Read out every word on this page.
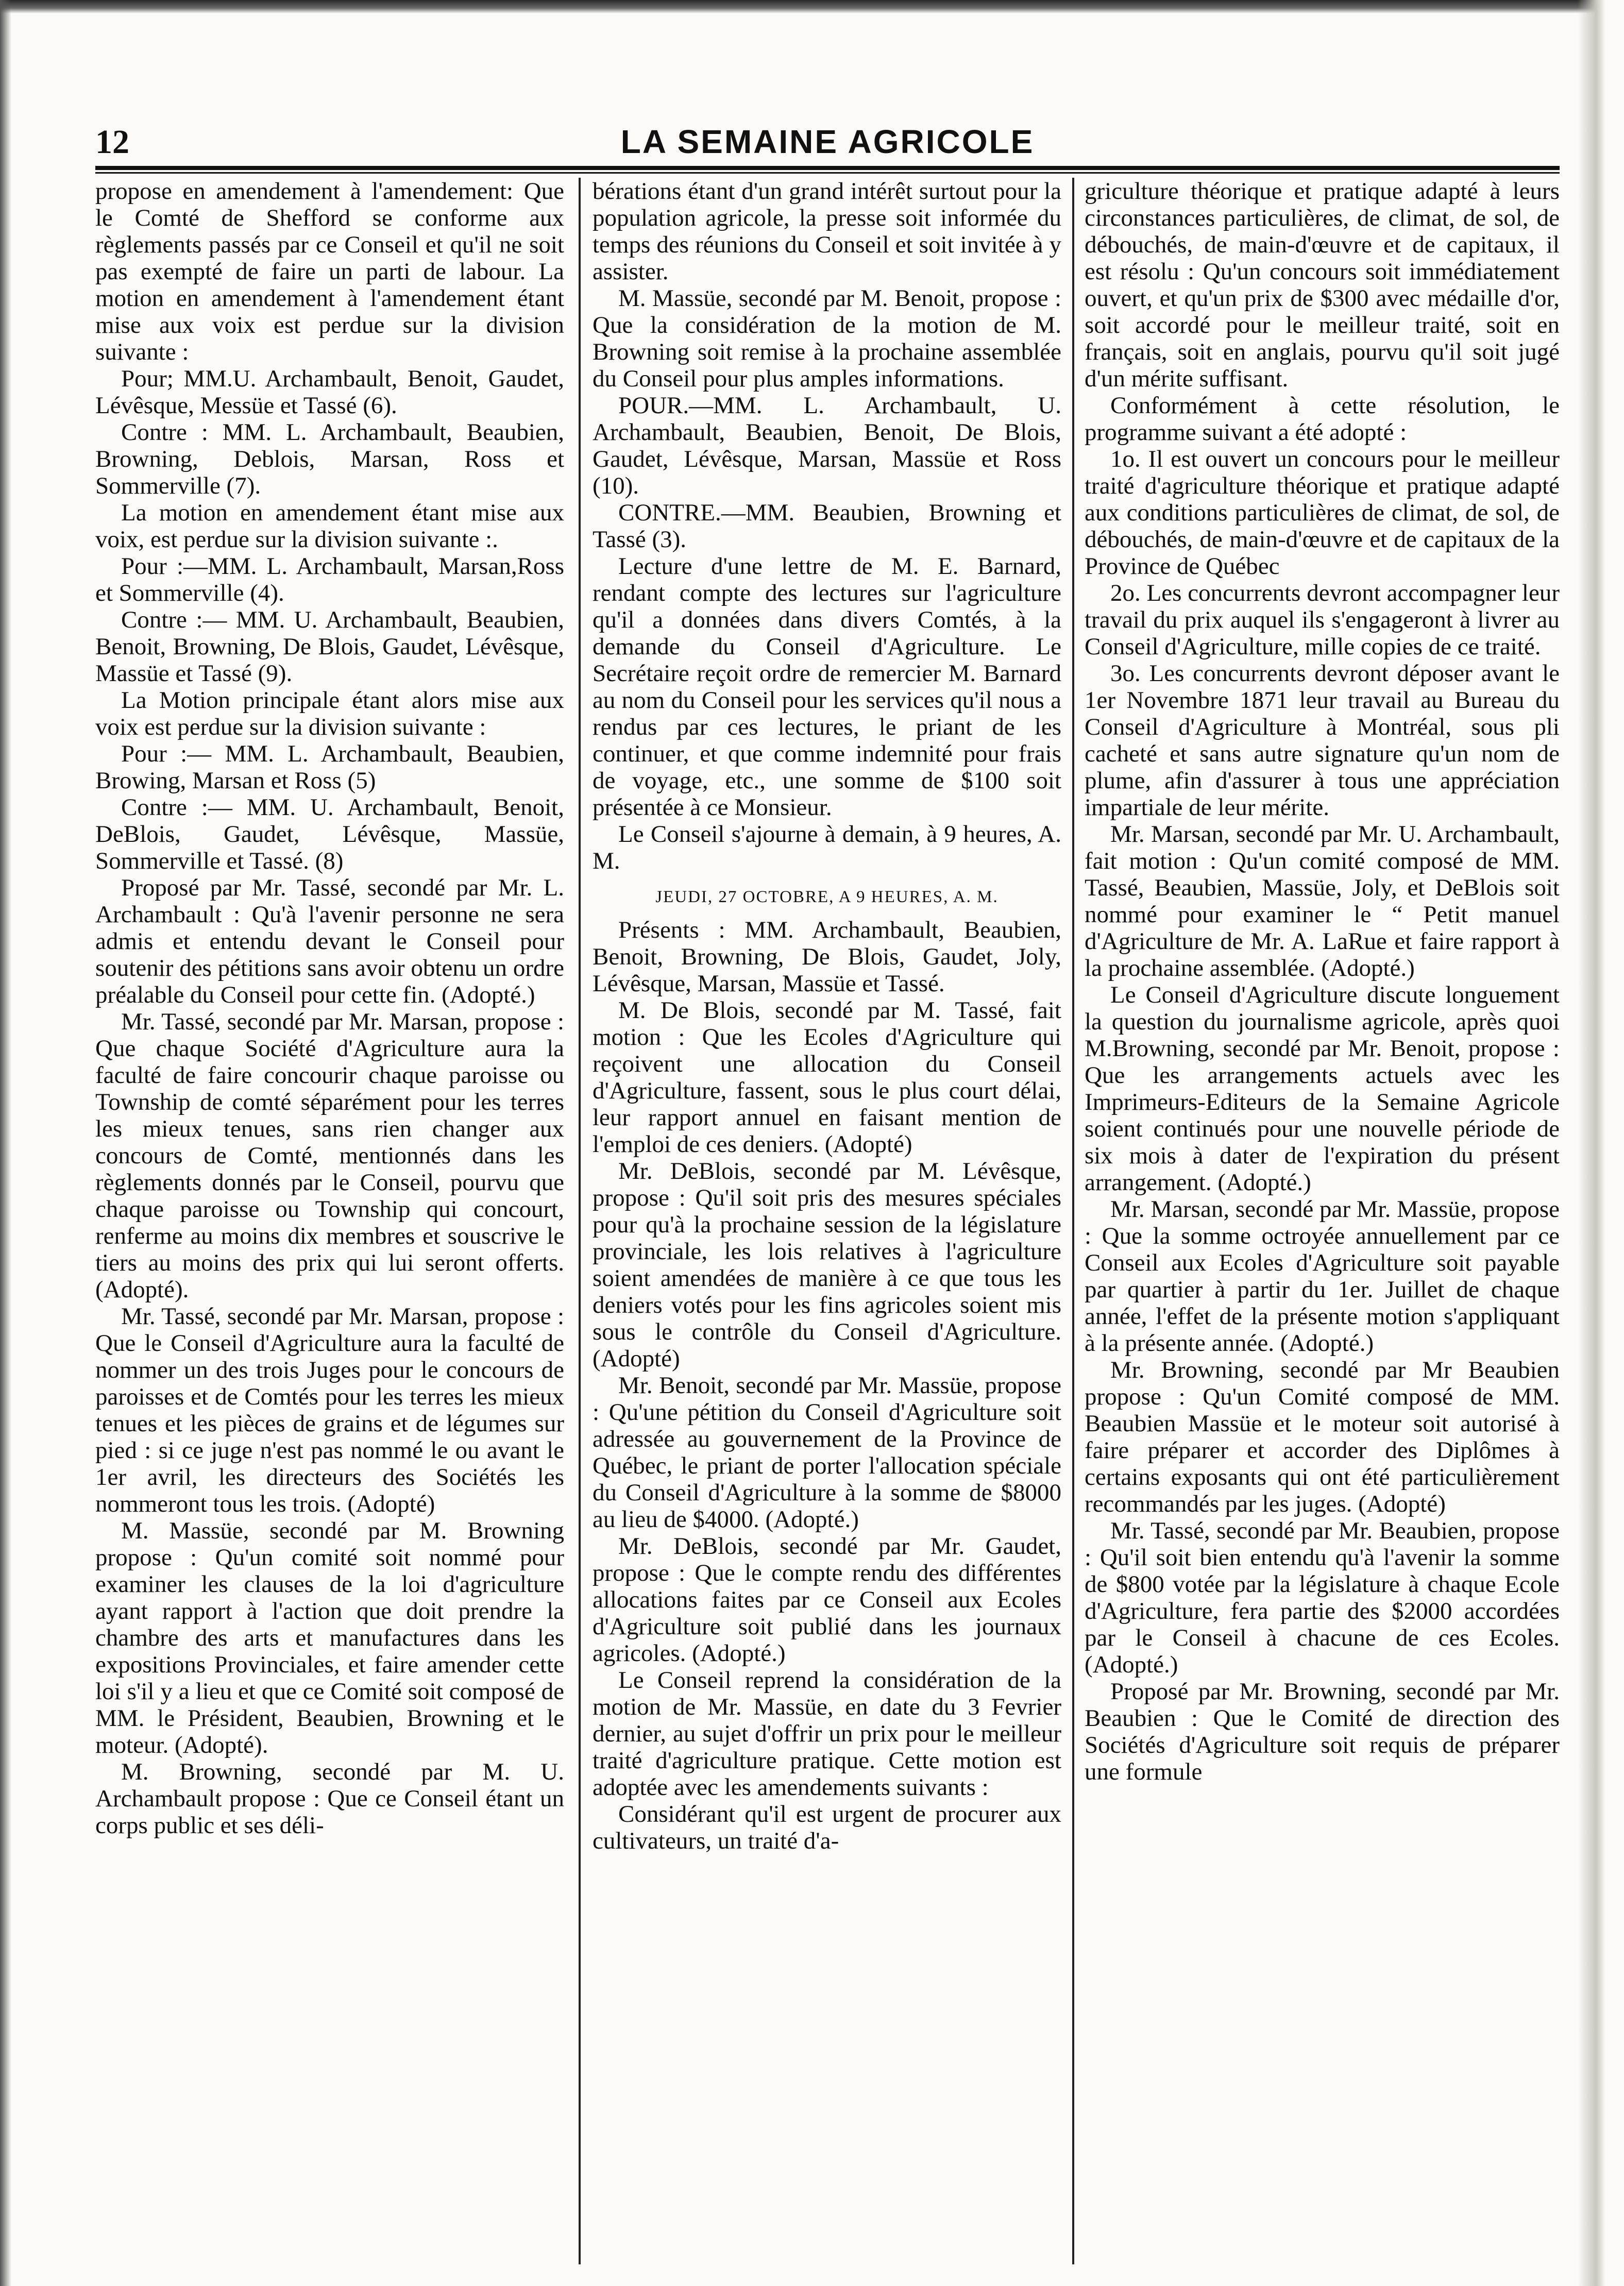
12	LA SEMAINE AGRICOLE

propose en amendement à l'amendement: Que le Comté de Shefford se conforme aux règlements passés par ce Conseil et qu'il ne soit pas exempté de faire un parti de labour. La motion en amendement à l'amendement étant mise aux voix est perdue sur la division suivante :

Pour; MM.U. Archambault, Benoit, Gaudet, Lévêsque, Messüe et Tassé (6).

Contre : MM. L. Archambault, Beaubien, Browning, Deblois, Marsan, Ross et Sommerville (7).

La motion en amendement étant mise aux voix, est perdue sur la division suivante :.

Pour :—MM. L. Archambault, Marsan,Ross et Sommerville (4).

Contre :— MM. U. Archambault, Beaubien, Benoit, Browning, De Blois, Gaudet, Lévêsque, Massüe et Tassé (9).

La Motion principale étant alors mise aux voix est perdue sur la division suivante :

Pour :— MM. L. Archambault, Beaubien, Browing, Marsan et Ross (5)

Contre :— MM. U. Archambault, Benoit, DeBlois, Gaudet, Lévêsque, Massüe, Sommerville et Tassé. (8)

Proposé par Mr. Tassé, secondé par Mr. L. Archambault : Qu'à l'avenir personne ne sera admis et entendu devant le Conseil pour soutenir des pétitions sans avoir obtenu un ordre préalable du Conseil pour cette fin. (Adopté.)

Mr. Tassé, secondé par Mr. Marsan, propose : Que chaque Société d'Agriculture aura la faculté de faire concourir chaque paroisse ou Township de comté séparément pour les terres les mieux tenues, sans rien changer aux concours de Comté, mentionnés dans les règlements donnés par le Conseil, pourvu que chaque paroisse ou Township qui concourt, renferme au moins dix membres et souscrive le tiers au moins des prix qui lui seront offerts. (Adopté).

Mr. Tassé, secondé par Mr. Marsan, propose : Que le Conseil d'Agriculture aura la faculté de nommer un des trois Juges pour le concours de paroisses et de Comtés pour les terres les mieux tenues et les pièces de grains et de légumes sur pied : si ce juge n'est pas nommé le ou avant le 1er avril, les directeurs des Sociétés les nommeront tous les trois. (Adopté)

M. Massüe, secondé par M. Browning propose : Qu'un comité soit nommé pour examiner les clauses de la loi d'agriculture ayant rapport à l'action que doit prendre la chambre des arts et manufactures dans les expositions Provinciales, et faire amender cette loi s'il y a lieu et que ce Comité soit composé de MM. le Président, Beaubien, Browning et le moteur. (Adopté).

M. Browning, secondé par M. U. Archambault propose : Que ce Conseil étant un corps public et ses déli-

bérations étant d'un grand intérêt surtout pour la population agricole, la presse soit informée du temps des réunions du Conseil et soit invitée à y assister.

M. Massüe, secondé par M. Benoit, propose : Que la considération de la motion de M. Browning soit remise à la prochaine assemblée du Conseil pour plus amples informations.

POUR.—MM. L. Archambault, U. Archambault, Beaubien, Benoit, De Blois, Gaudet, Lévêsque, Marsan, Massüe et Ross (10).

CONTRE.—MM. Beaubien, Browning et Tassé (3).

Lecture d'une lettre de M. E. Barnard, rendant compte des lectures sur l'agriculture qu'il a données dans divers Comtés, à la demande du Conseil d'Agriculture. Le Secrétaire reçoit ordre de remercier M. Barnard au nom du Conseil pour les services qu'il nous a rendus par ces lectures, le priant de les continuer, et que comme indemnité pour frais de voyage, etc., une somme de $100 soit présentée à ce Monsieur.

Le Conseil s'ajourne à demain, à 9 heures, A. M.

JEUDI, 27 OCTOBRE, A 9 HEURES, A. M.

Présents : MM. Archambault, Beaubien, Benoit, Browning, De Blois, Gaudet, Joly, Lévêsque, Marsan, Massüe et Tassé.

M. De Blois, secondé par M. Tassé, fait motion : Que les Ecoles d'Agriculture qui reçoivent une allocation du Conseil d'Agriculture, fassent, sous le plus court délai, leur rapport annuel en faisant mention de l'emploi de ces deniers. (Adopté)

Mr. DeBlois, secondé par M. Lévêsque, propose : Qu'il soit pris des mesures spéciales pour qu'à la prochaine session de la législature provinciale, les lois relatives à l'agriculture soient amendées de manière à ce que tous les deniers votés pour les fins agricoles soient mis sous le contrôle du Conseil d'Agriculture. (Adopté)

Mr. Benoit, secondé par Mr. Massüe, propose : Qu'une pétition du Conseil d'Agriculture soit adressée au gouvernement de la Province de Québec, le priant de porter l'allocation spéciale du Conseil d'Agriculture à la somme de $8000 au lieu de $4000. (Adopté.)

Mr. DeBlois, secondé par Mr. Gaudet, propose : Que le compte rendu des différentes allocations faites par ce Conseil aux Ecoles d'Agriculture soit publié dans les journaux agricoles. (Adopté.)

Le Conseil reprend la considération de la motion de Mr. Massüe, en date du 3 Fevrier dernier, au sujet d'offrir un prix pour le meilleur traité d'agriculture pratique. Cette motion est adoptée avec les amendements suivants :

Considérant qu'il est urgent de procurer aux cultivateurs, un traité d'a-

griculture théorique et pratique adapté à leurs circonstances particulières, de climat, de sol, de débouchés, de main-d'œuvre et de capitaux, il est résolu : Qu'un concours soit immédiatement ouvert, et qu'un prix de $300 avec médaille d'or, soit accordé pour le meilleur traité, soit en français, soit en anglais, pourvu qu'il soit jugé d'un mérite suffisant.

Conformément à cette résolution, le programme suivant a été adopté :

1o. Il est ouvert un concours pour le meilleur traité d'agriculture théorique et pratique adapté aux conditions particulières de climat, de sol, de débouchés, de main-d'œuvre et de capitaux de la Province de Québec

2o. Les concurrents devront accompagner leur travail du prix auquel ils s'engageront à livrer au Conseil d'Agriculture, mille copies de ce traité.

3o. Les concurrents devront déposer avant le 1er Novembre 1871 leur travail au Bureau du Conseil d'Agriculture à Montréal, sous pli cacheté et sans autre signature qu'un nom de plume, afin d'assurer à tous une appréciation impartiale de leur mérite.

Mr. Marsan, secondé par Mr. U. Archambault, fait motion : Qu'un comité composé de MM. Tassé, Beaubien, Massüe, Joly, et DeBlois soit nommé pour examiner le “ Petit manuel d'Agriculture de Mr. A. LaRue et faire rapport à la prochaine assemblée. (Adopté.)

Le Conseil d'Agriculture discute longuement la question du journalisme agricole, après quoi M.Browning, secondé par Mr. Benoit, propose : Que les arrangements actuels avec les Imprimeurs-Editeurs de la Semaine Agricole soient continués pour une nouvelle période de six mois à dater de l'expiration du présent arrangement. (Adopté.)

Mr. Marsan, secondé par Mr. Massüe, propose : Que la somme octroyée annuellement par ce Conseil aux Ecoles d'Agriculture soit payable par quartier à partir du 1er. Juillet de chaque année, l'effet de la présente motion s'appliquant à la présente année. (Adopté.)

Mr. Browning, secondé par Mr Beaubien propose : Qu'un Comité composé de MM. Beaubien Massüe et le moteur soit autorisé à faire préparer et accorder des Diplômes à certains exposants qui ont été particulièrement recommandés par les juges. (Adopté)

Mr. Tassé, secondé par Mr. Beaubien, propose : Qu'il soit bien entendu qu'à l'avenir la somme de $800 votée par la législature à chaque Ecole d'Agriculture, fera partie des $2000 accordées par le Conseil à chacune de ces Ecoles. (Adopté.)

Proposé par Mr. Browning, secondé par Mr. Beaubien : Que le Comité de direction des Sociétés d'Agriculture soit requis de préparer une formule
